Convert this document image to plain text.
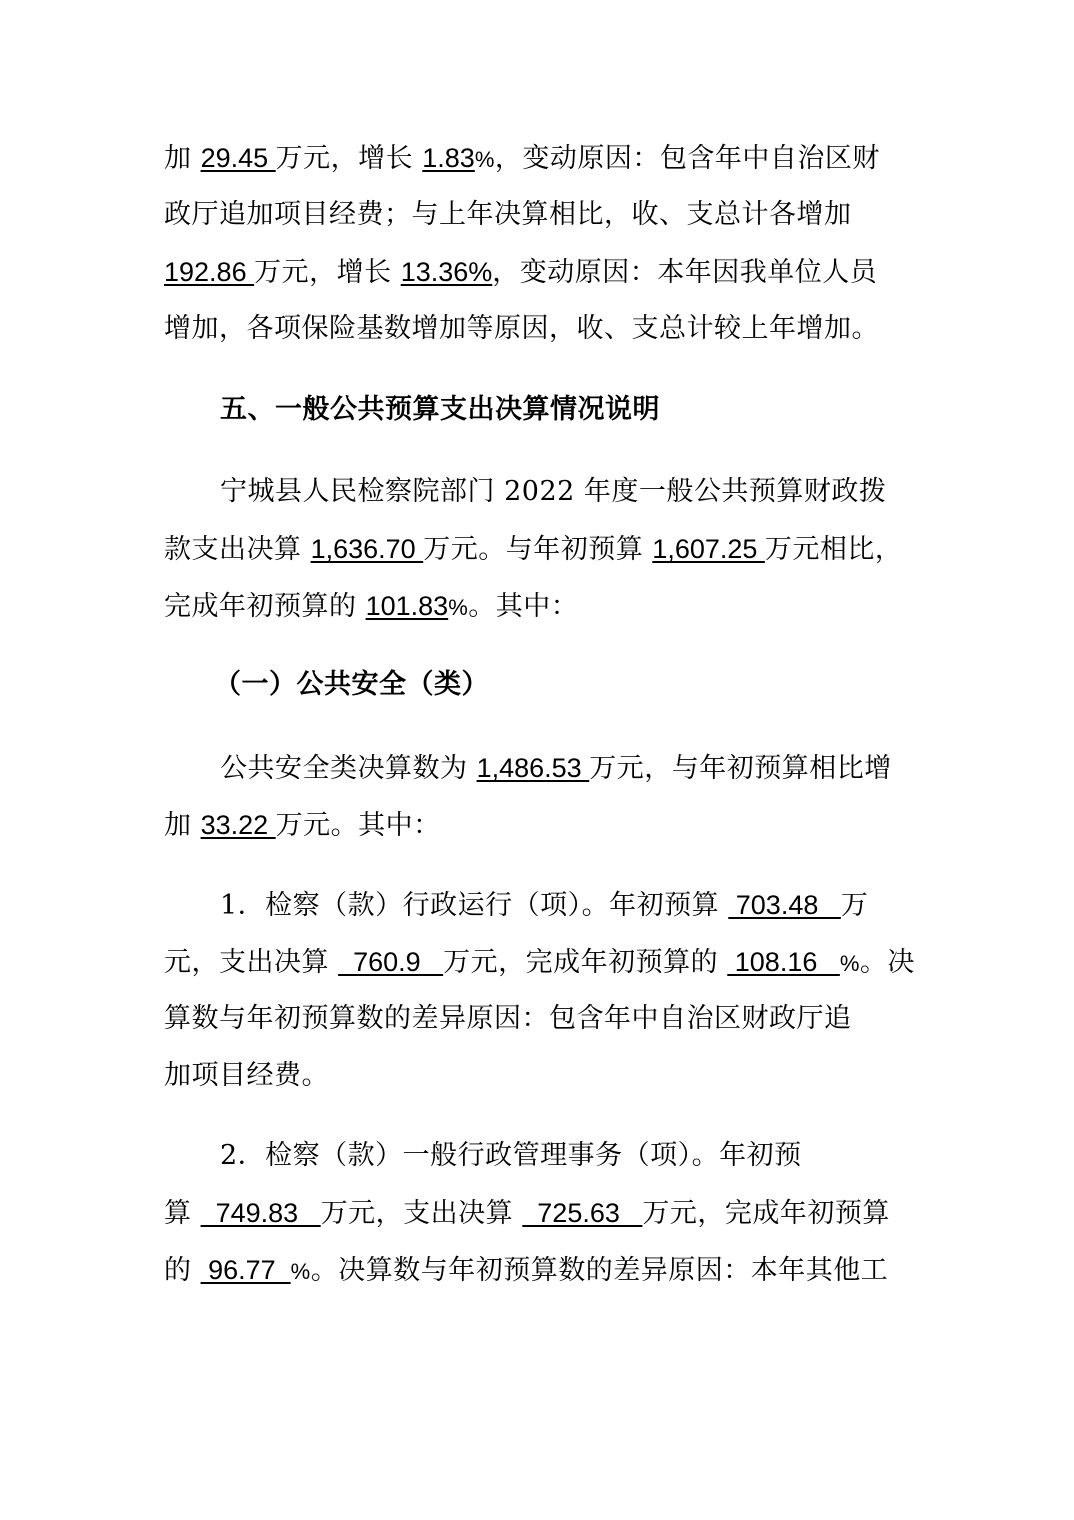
加 29.45 万元，增长 1.83%，变动原因：包含年中自治区财
政厅追加项目经费；与上年决算相比，收、支总计各增加
192.86 万元，增长 13.36%，变动原因：本年因我单位人员
增加，各项保险基数增加等原因，收、支总计较上年增加。
五、一般公共预算支出决算情况说明
宁城县人民检察院部门 2022 年度一般公共预算财政拨
款支出决算 1,636.70 万元。与年初预算 1,607.25 万元相比，
完成年初预算的 101.83%。其中：
（一）公共安全（类）
公共安全类决算数为 1,486.53 万元，与年初预算相比增
加 33.22 万元。其中：
1．检察（款）行政运行（项）。年初预算  703.48   万
元，支出决算   760.9   万元，完成年初预算的  108.16   %。决
算数与年初预算数的差异原因：包含年中自治区财政厅追
加项目经费。
2．检察（款）一般行政管理事务（项）。年初预
算   749.83   万元，支出决算   725.63   万元，完成年初预算
的  96.77  %。决算数与年初预算数的差异原因：本年其他工
